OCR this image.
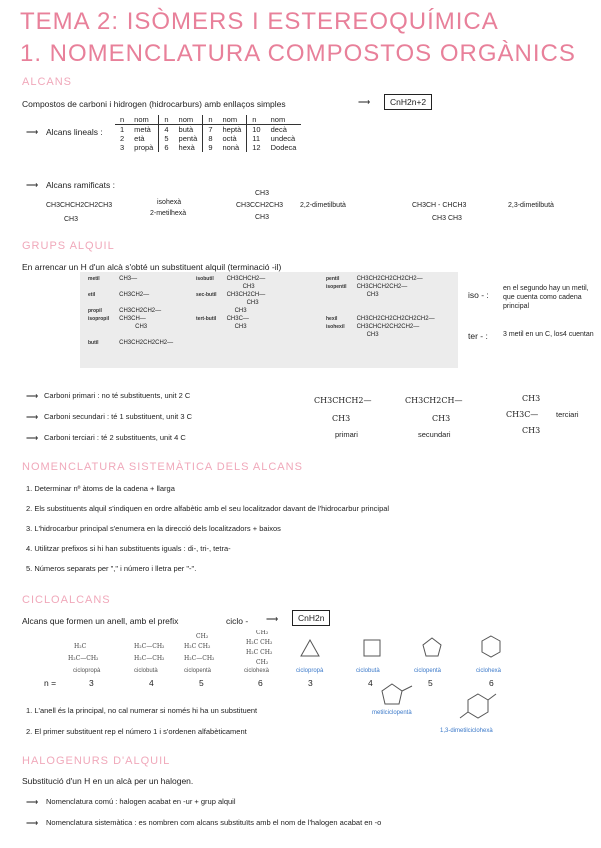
TEMA 2: ISÒMERS I ESTEREOQUÍMICA
1. NOMENCLATURA COMPOSTOS ORGÀNICS
ALCANS
Compostos de carboni i hidrogen (hidrocarburs) amb enllaços simples	⟶	CnH2n+2
⟶ Alcans lineals :
n	nom	n	nom	n	nom	n	nom
1	metà	4	butà	7	heptà	10	decà
2	età	5	pentà	8	octà	11	undecà
3	propà	6	hexà	9	nonà	12	Dodeca
⟶ Alcans ramificats :
CH3CHCH2CH2CH3
CH3
isohexà
2-metilhexà
CH3
CH3CCH2CH3
CH3
2,2-dimetilbutà	CH3CH - CHCH3
CH3 CH3
2,3-dimetilbutà
GRUPS ALQUIL
En arrencar un H d'un alcà s'obté un substituent alquil (terminació -il)
metil	CH3—

etil	CH3CH2—

propil	CH3CH2CH2—
isopropil	CH3CH—
	CH3

butil	CH3CH2CH2CH2—
isobutil	CH3CHCH2—
	CH3
sec-butil	CH3CH2CH—
	CH3
	CH3
tert-butil	CH3C—
	CH3
pentil	CH3CH2CH2CH2CH2—
isopentil	CH3CHCH2CH2—
	CH3

hexil	CH3CH2CH2CH2CH2CH2—
isohexil	CH3CHCH2CH2CH2—
	CH3
iso - :
en el segundo hay un metil, que cuenta como cadena principal
ter - : 3 metil en un C, los4 cuentan
⟶ Carboni primari : no té substituents, unit 2 C
⟶ Carboni secundari : té 1 substituent, unit 3 C
⟶ Carboni terciari : té 2 substituents, unit 4 C
CH3CHCH2—
CH3
primari
CH3CH2CH—
CH3
secundari
CH3
CH3C—
CH3
terciari
NOMENCLATURA SISTEMÀTICA DELS ALCANS
1. Determinar nº àtoms de la cadena + llarga
2. Els substituents alquil s'indiquen en ordre alfabètic amb el seu localitzador davant de l'hidrocarbur principal
3. L'hidrocarbur principal s'enumera en la direcció dels localitzadors + baixos
4. Utilitzar prefixos si hi han substituents iguals : di-, tri-, tetra-
5. Números separats per "," i número i lletra per "-".
CICLOALCANS
Alcans que formen un anell, amb el prefix	ciclo - ⟶	CnH2n
H₂C
H₂C—CH₂
H₂C—CH₂
H₂C—CH₂
CH₂
H₂C CH₂
H₂C—CH₂
CH₂
H₂C CH₂
H₂C CH₂
CH₂
ciclopropà	ciclobutà	ciclopentà	ciclohexà	ciclopropà	ciclobutà	ciclopentà	ciclohexà
n =	3	4	5	6	3	4	5	6
metilciclopentà
1,3-dimetilciclohexà
1. L'anell és la principal, no cal numerar si només hi ha un substituent
2. El primer substituent rep el número 1 i s'ordenen alfabèticament
HALOGENURS D'ALQUIL
Substitució d'un H en un alcà per un halogen.
⟶ Nomenclatura comú : halogen acabat en -ur + grup alquil
⟶ Nomenclatura sistemàtica : es nombren com alcans substituïts amb el nom de l'halogen acabat en -o
